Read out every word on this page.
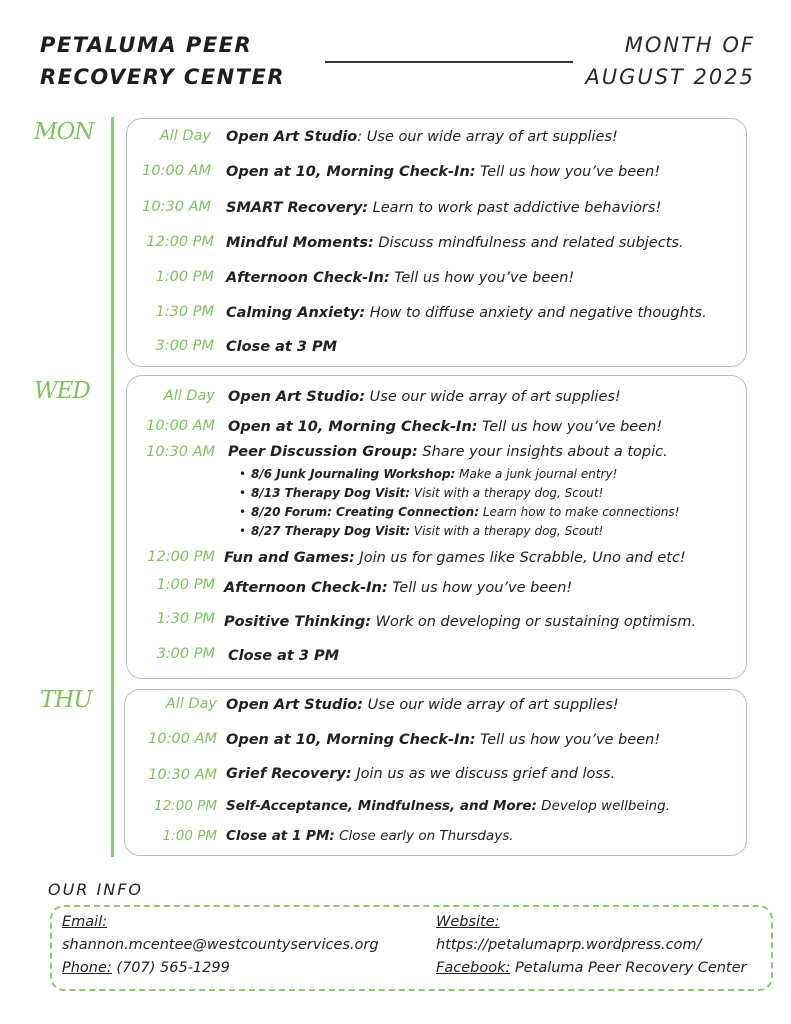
PETALUMA PEER
RECOVERY CENTER
MONTH OF
AUGUST 2025
MON
WED
THU
All Day Open Art Studio: Use our wide array of art supplies!
10:00 AM Open at 10, Morning Check-In: Tell us how you’ve been!
10:30 AM SMART Recovery: Learn to work past addictive behaviors!
12:00 PM Mindful Moments: Discuss mindfulness and related subjects.
1:00 PM Afternoon Check-In: Tell us how you’ve been!
1:30 PM Calming Anxiety: How to diffuse anxiety and negative thoughts.
3:00 PM Close at 3 PM
All Day Open Art Studio: Use our wide array of art supplies!
10:00 AM Open at 10, Morning Check-In: Tell us how you’ve been!
10:30 AM Peer Discussion Group: Share your insights about a topic.
• 8/6 Junk Journaling Workshop: Make a junk journal entry!
• 8/13 Therapy Dog Visit: Visit with a therapy dog, Scout!
• 8/20 Forum: Creating Connection: Learn how to make connections!
• 8/27 Therapy Dog Visit: Visit with a therapy dog, Scout!
12:00 PM Fun and Games: Join us for games like Scrabble, Uno and etc!
1:00 PM Afternoon Check-In: Tell us how you’ve been!
1:30 PM Positive Thinking: Work on developing or sustaining optimism.
3:00 PM Close at 3 PM
All Day Open Art Studio: Use our wide array of art supplies!
10:00 AM Open at 10, Morning Check-In: Tell us how you’ve been!
10:30 AM Grief Recovery: Join us as we discuss grief and loss.
12:00 PM Self-Acceptance, Mindfulness, and More: Develop wellbeing.
1:00 PM Close at 1 PM: Close early on Thursdays.
OUR INFO
Email:
shannon.mcentee@westcountyservices.org
Phone: (707) 565-1299
Website:
https://petalumaprp.wordpress.com/
Facebook: Petaluma Peer Recovery Center
